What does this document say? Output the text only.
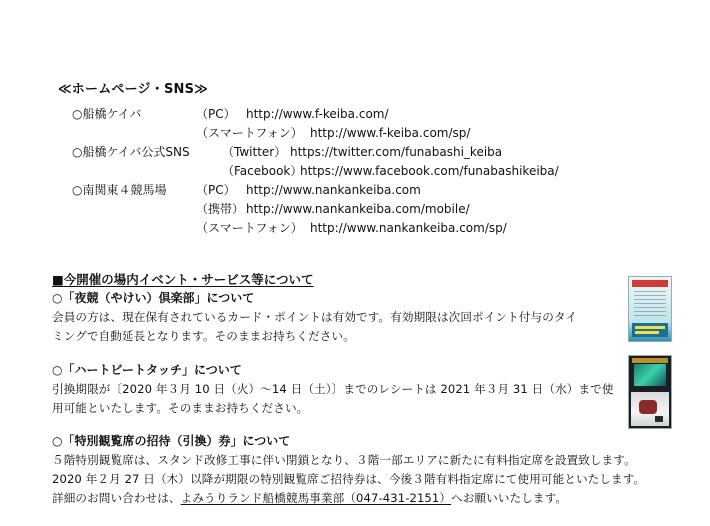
≪ホームページ・SNS≫
○船橋ケイバ	（PC） http://www.f-keiba.com/
（スマートフォン） http://www.f-keiba.com/sp/
○船橋ケイバ公式SNS	（Twitter） https://twitter.com/funabashi_keiba
（Facebook）
https://www.facebook.com/funabashikeiba/
○南関東４競馬場 （PC） http://www.nankankeiba.com
（携帯） http://www.nankankeiba.com/mobile/
（スマートフォン） http://www.nankankeiba.com/sp/
■今開催の場内イベント・サービス等について
○「夜競（やけい）倶楽部」について
会員の方は、現在保有されているカード・ポイントは有効です。有効期限は次回ポイント付与のタイ
ミングで自動延長となります。そのままお持ちください。
○「ハートビートタッチ」について
引換期限が〔2020 年３月 10 日（火）～14 日（土）〕までのレシートは 2021 年３月 31 日（水）まで使
用可能といたします。そのままお持ちください。
○「特別観覧席の招待（引換）券」について
５階特別観覧席は、スタンド改修工事に伴い閉鎖となり、３階一部エリアに新たに有料指定席を設置致します。
2020 年２月 27 日（木）以降が期限の特別観覧席ご招待券は、今後３階有料指定席にて使用可能といたします。
詳細のお問い合わせは、よみうりランド船橋競馬事業部（047-431-2151）へお願いいたします。
